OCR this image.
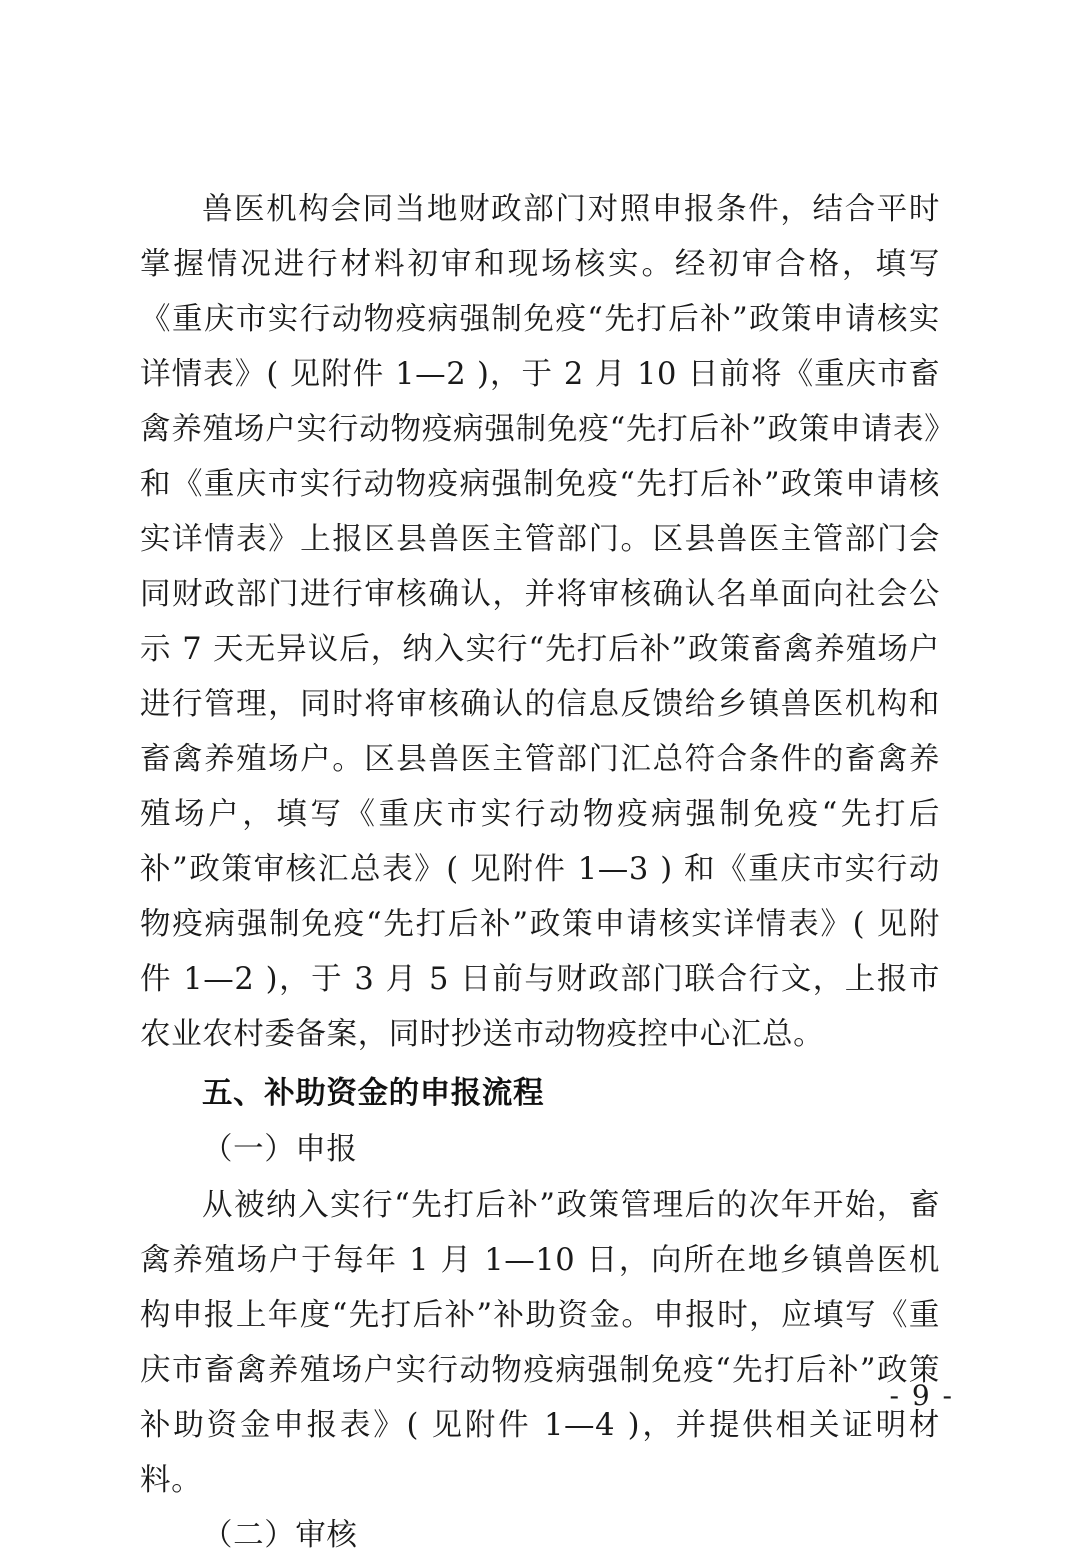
兽医机构会同当地财政部门对照申报条件，结合平时掌握情况进行材料初审和现场核实。经初审合格，填写《重庆市实行动物疫病强制免疫“先打后补”政策申请核实详情表》( 见附件 1—2 )，于 2 月 10 日前将《重庆市畜禽养殖场户实行动物疫病强制免疫“先打后补”政策申请表》和《重庆市实行动物疫病强制免疫“先打后补”政策申请核实详情表》上报区县兽医主管部门。区县兽医主管部门会同财政部门进行审核确认，并将审核确认名单面向社会公示 7 天无异议后，纳入实行“先打后补”政策畜禽养殖场户进行管理，同时将审核确认的信息反馈给乡镇兽医机构和畜禽养殖场户。区县兽医主管部门汇总符合条件的畜禽养殖场户，填写《重庆市实行动物疫病强制免疫“先打后补”政策审核汇总表》( 见附件 1—3 ) 和《重庆市实行动物疫病强制免疫“先打后补”政策申请核实详情表》( 见附件 1—2 )，于 3 月 5 日前与财政部门联合行文，上报市农业农村委备案，同时抄送市动物疫控中心汇总。

五、补助资金的申报流程

（一）申报

从被纳入实行“先打后补”政策管理后的次年开始，畜禽养殖场户于每年 1 月 1—10 日，向所在地乡镇兽医机构申报上年度“先打后补”补助资金。申报时，应填写《重庆市畜禽养殖场户实行动物疫病强制免疫“先打后补”政策补助资金申报表》( 见附件 1—4 )，并提供相关证明材料。

（二）审核

- 9 -
